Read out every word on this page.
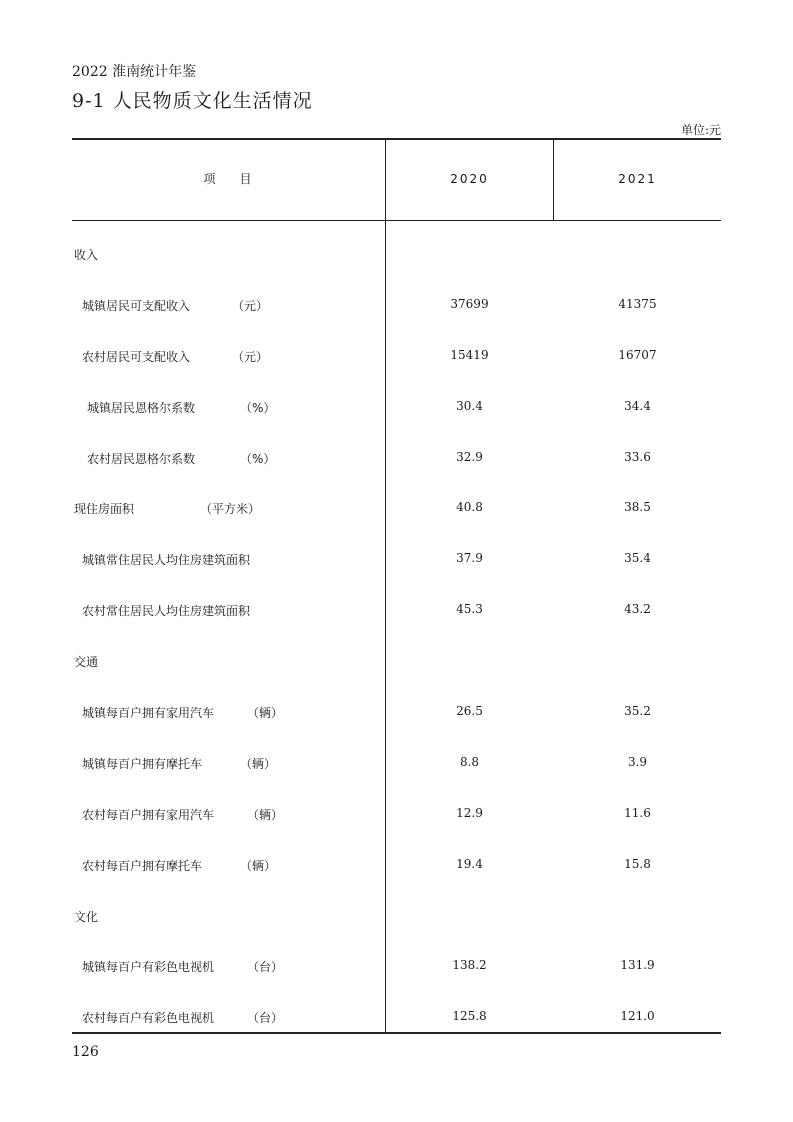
2022 淮南统计年鉴
9-1 人民物质文化生活情况
单位:元
项 目	2020	2021
收入
城镇居民可支配收入	（元）	37699	41375
农村居民可支配收入	（元）	15419	16707
城镇居民恩格尔系数	（%）	30.4	34.4
农村居民恩格尔系数	（%）	32.9	33.6
现住房面积	（平方米）	40.8	38.5
城镇常住居民人均住房建筑面积	37.9	35.4
农村常住居民人均住房建筑面积	45.3	43.2
交通
城镇每百户拥有家用汽车	（辆）	26.5	35.2
城镇每百户拥有摩托车	（辆）	8.8	3.9
农村每百户拥有家用汽车	（辆）	12.9	11.6
农村每百户拥有摩托车	（辆）	19.4	15.8
文化
城镇每百户有彩色电视机	（台）	138.2	131.9
农村每百户有彩色电视机	（台）	125.8	121.0
126
